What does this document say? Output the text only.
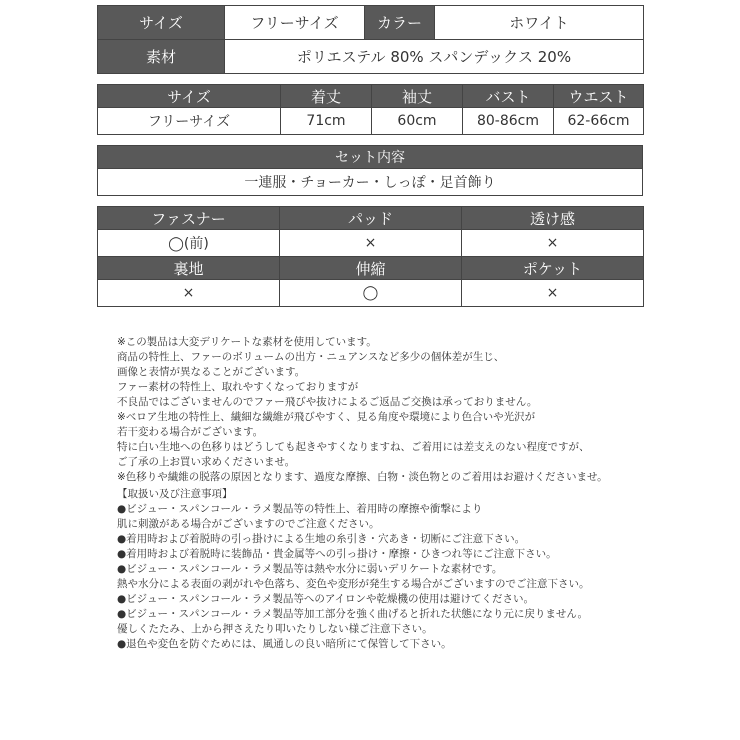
サイズ	フリーサイズ	カラー	ホワイト
素材	ポリエステル 80% スパンデックス 20%		
サイズ	着丈	袖丈	バスト	ウエスト
フリーサイズ	71cm	60cm	80-86cm	62-66cm
セット内容
一連服・チョーカー・しっぽ・足首飾り
ファスナー	パッド	透け感
◯(前)	×	×
裏地	伸縮	ポケット
×	◯	×
※この製品は大変デリケートな素材を使用しています。
商品の特性上、ファーのボリュームの出方・ニュアンスなど多少の個体差が生じ、
画像と表情が異なることがございます。
ファー素材の特性上、取れやすくなっておりますが
不良品ではございませんのでファー飛びや抜けによるご返品ご交換は承っておりません。
※ベロア生地の特性上、繊細な繊維が飛びやすく、見る角度や環境により色合いや光沢が
若干変わる場合がございます。
特に白い生地への色移りはどうしても起きやすくなりますね、ご着用には差支えのない程度ですが、
ご了承の上お買い求めくださいませ。
※色移りや繊維の脱落の原因となります、過度な摩擦、白物・淡色物とのご着用はお避けくださいませ。
【取扱い及び注意事項】
●ビジュー・スパンコール・ラメ製品等の特性上、着用時の摩擦や衝撃により
肌に刺激がある場合がございますのでご注意ください。
●着用時および着脱時の引っ掛けによる生地の糸引き・穴あき・切断にご注意下さい。
●着用時および着脱時に装飾品・貴金属等への引っ掛け・摩擦・ひきつれ等にご注意下さい。
●ビジュー・スパンコール・ラメ製品等は熱や水分に弱いデリケートな素材です。
熱や水分による表面の剥がれや色落ち、変色や変形が発生する場合がございますのでご注意下さい。
●ビジュー・スパンコール・ラメ製品等へのアイロンや乾燥機の使用は避けてください。
●ビジュー・スパンコール・ラメ製品等加工部分を強く曲げると折れた状態になり元に戻りません。
優しくたたみ、上から押さえたり叩いたりしない様ご注意下さい。
●退色や変色を防ぐためには、風通しの良い暗所にて保管して下さい。
